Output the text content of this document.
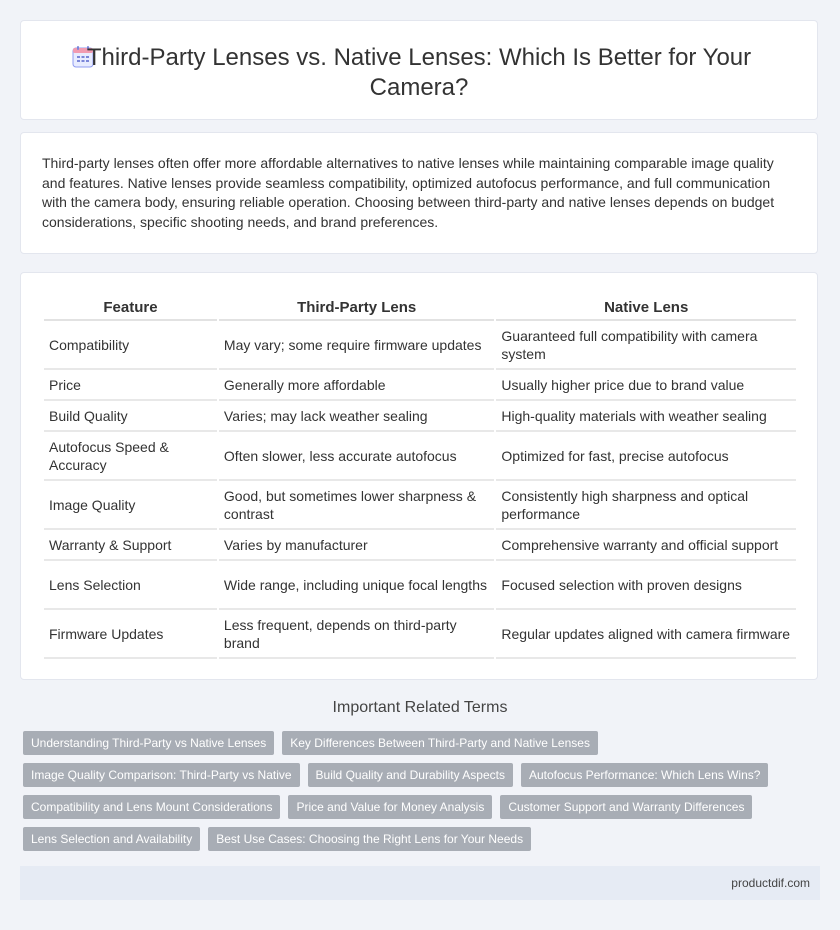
Third-Party Lenses vs. Native Lenses: Which Is Better for Your Camera?

Third-party lenses often offer more affordable alternatives to native lenses while maintaining comparable image quality and features. Native lenses provide seamless compatibility, optimized autofocus performance, and full communication with the camera body, ensuring reliable operation. Choosing between third-party and native lenses depends on budget considerations, specific shooting needs, and brand preferences.

Feature	Third-Party Lens	Native Lens
Compatibility	May vary; some require firmware updates	Guaranteed full compatibility with camera system
Price	Generally more affordable	Usually higher price due to brand value
Build Quality	Varies; may lack weather sealing	High-quality materials with weather sealing
Autofocus Speed & Accuracy	Often slower, less accurate autofocus	Optimized for fast, precise autofocus
Image Quality	Good, but sometimes lower sharpness & contrast	Consistently high sharpness and optical performance
Warranty & Support	Varies by manufacturer	Comprehensive warranty and official support
Lens Selection	Wide range, including unique focal lengths	Focused selection with proven designs
Firmware Updates	Less frequent, depends on third-party brand	Regular updates aligned with camera firmware
Important Related Terms
Understanding Third-Party vs Native Lenses	Key Differences Between Third-Party and Native Lenses
Image Quality Comparison: Third-Party vs Native	Build Quality and Durability Aspects	Autofocus Performance: Which Lens Wins?
Compatibility and Lens Mount Considerations	Price and Value for Money Analysis	Customer Support and Warranty Differences
Lens Selection and Availability	Best Use Cases: Choosing the Right Lens for Your Needs
productdif.com
